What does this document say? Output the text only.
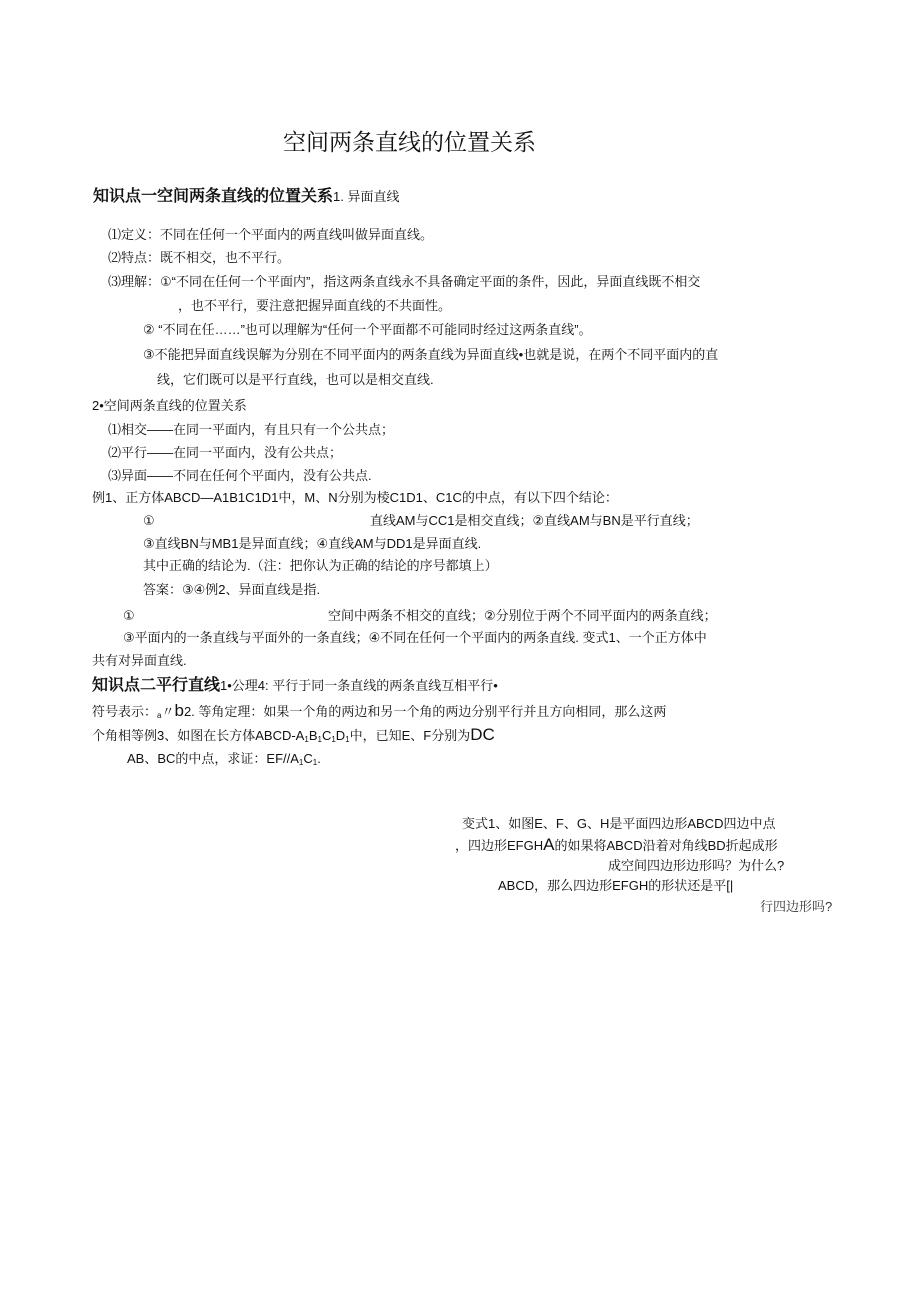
空间两条直线的位置关系
知识点一空间两条直线的位置关系1. 异面直线
⑴定义：不同在任何一个平面内的两直线叫做异面直线。
⑵特点：既不相交，也不平行。
⑶理解：①“不同在任何一个平面内”，指这两条直线永不具备确定平面的条件，因此，异面直线既不相交
，也不平行，要注意把握异面直线的不共面性。
② “不同在任……”也可以理解为“任何一个平面都不可能同时经过这两条直线”。
③不能把异面直线误解为分别在不同平面内的两条直线为异面直线•也就是说，在两个不同平面内的直
线，它们既可以是平行直线，也可以是相交直线.
2•空间两条直线的位置关系
⑴相交——在同一平面内，有且只有一个公共点；
⑵平行——在同一平面内，没有公共点；
⑶异面——不同在任何个平面内，没有公共点.
例1、正方体ABCD—A1B1C1D1中，M、N分别为棱C1D1、C1C的中点，有以下四个结论：
①	直线AM与CC1是相交直线；②直线AM与BN是平行直线；
③直线BN与MB1是异面直线；④直线AM与DD1是异面直线.
其中正确的结论为.（注：把你认为正确的结论的序号都填上）
答案：③④例2、异面直线是指.
①	空间中两条不相交的直线；②分别位于两个不同平面内的两条直线；
③平面内的一条直线与平面外的一条直线；④不同在任何一个平面内的两条直线. 变式1、一个正方体中
共有对异面直线.
知识点二平行直线1•公理4: 平行于同一条直线的两条直线互相平行•
符号表示：$_a$〃b2. 等角定理：如果一个角的两边和另一个角的两边分别平行并且方向相同，那么这两
个角相等例3、如图在长方体ABCD-$A_1B_1C_1D_1$中，已知E、F分别为DC
AB、BC的中点，求证：$EF//A_1C_1$.
变式1、如图E、F、G、H是平面四边形ABCD四边中点
，四边形EFGHA的如果将ABCD沿着对角线BD折起成形
成空间四边形边形吗？为什么?
ABCD，那么四边形EFGH的形状还是平[|
行四边形吗?
